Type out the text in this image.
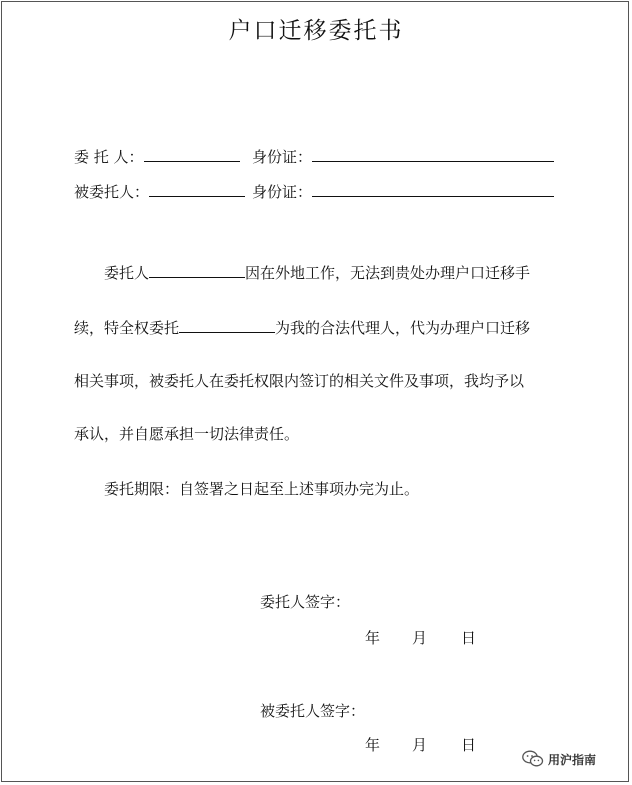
户口迁移委托书
委 托 人：	身份证：
被委托人：	身份证：
委托人	因在外地工作，无法到贵处办理户口迁移手
续，特全权委托	为我的合法代理人，代为办理户口迁移
相关事项，被委托人在委托权限内签订的相关文件及事项，我均予以
承认，并自愿承担一切法律责任。
委托期限：自签署之日起至上述事项办完为止。
委托人签字：
年 月 日
被委托人签字：
年 月 日
用沪指南
